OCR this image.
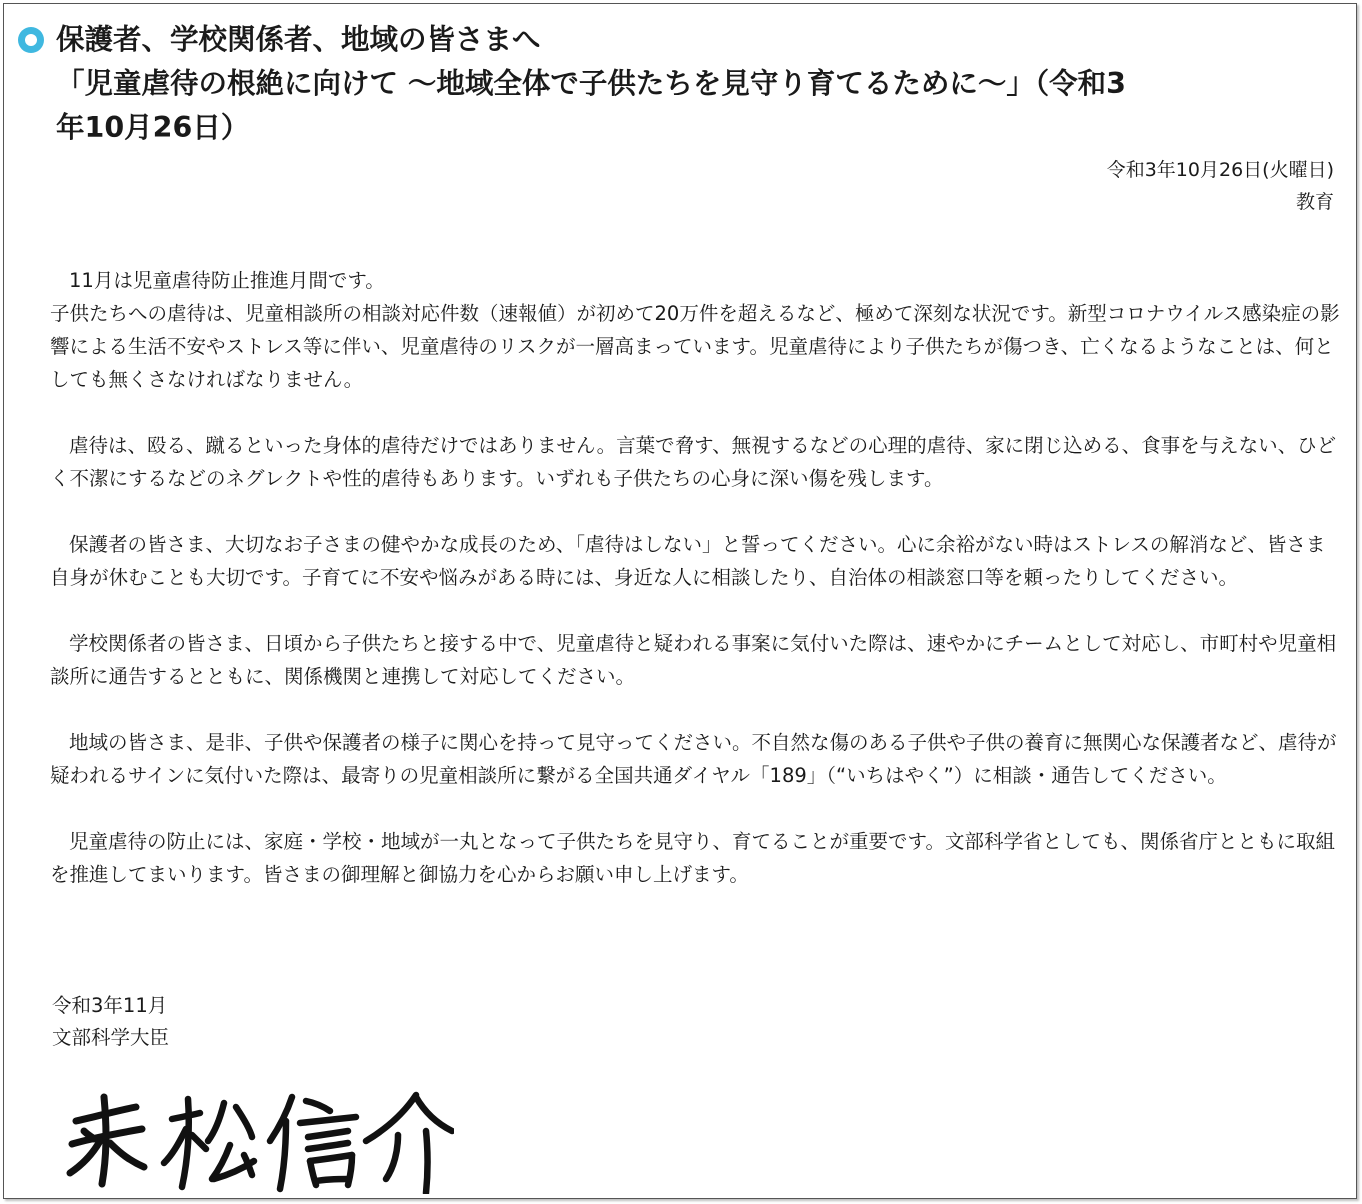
保護者、学校関係者、地域の皆さまへ
「児童虐待の根絶に向けて ～地域全体で子供たちを見守り育てるために～」（令和3
年10月26日）
令和3年10月26日(火曜日)
教育

11月は児童虐待防止推進月間です。
子供たちへの虐待は、児童相談所の相談対応件数（速報値）が初めて20万件を超えるなど、極めて深刻な状況です。新型コロナウイルス感染症の影響による生活不安やストレス等に伴い、児童虐待のリスクが一層高まっています。児童虐待により子供たちが傷つき、亡くなるようなことは、何としても無くさなければなりません。

虐待は、殴る、蹴るといった身体的虐待だけではありません。言葉で脅す、無視するなどの心理的虐待、家に閉じ込める、食事を与えない、ひどく不潔にするなどのネグレクトや性的虐待もあります。いずれも子供たちの心身に深い傷を残します。

保護者の皆さま、大切なお子さまの健やかな成長のため、「虐待はしない」と誓ってください。心に余裕がない時はストレスの解消など、皆さま自身が休むことも大切です。子育てに不安や悩みがある時には、身近な人に相談したり、自治体の相談窓口等を頼ったりしてください。

学校関係者の皆さま、日頃から子供たちと接する中で、児童虐待と疑われる事案に気付いた際は、速やかにチームとして対応し、市町村や児童相談所に通告するとともに、関係機関と連携して対応してください。

地域の皆さま、是非、子供や保護者の様子に関心を持って見守ってください。不自然な傷のある子供や子供の養育に無関心な保護者など、虐待が疑われるサインに気付いた際は、最寄りの児童相談所に繋がる全国共通ダイヤル「189」（“いちはやく”）に相談・通告してください。

児童虐待の防止には、家庭・学校・地域が一丸となって子供たちを見守り、育てることが重要です。文部科学省としても、関係省庁とともに取組を推進してまいります。皆さまの御理解と御協力を心からお願い申し上げます。

令和3年11月
文部科学大臣
